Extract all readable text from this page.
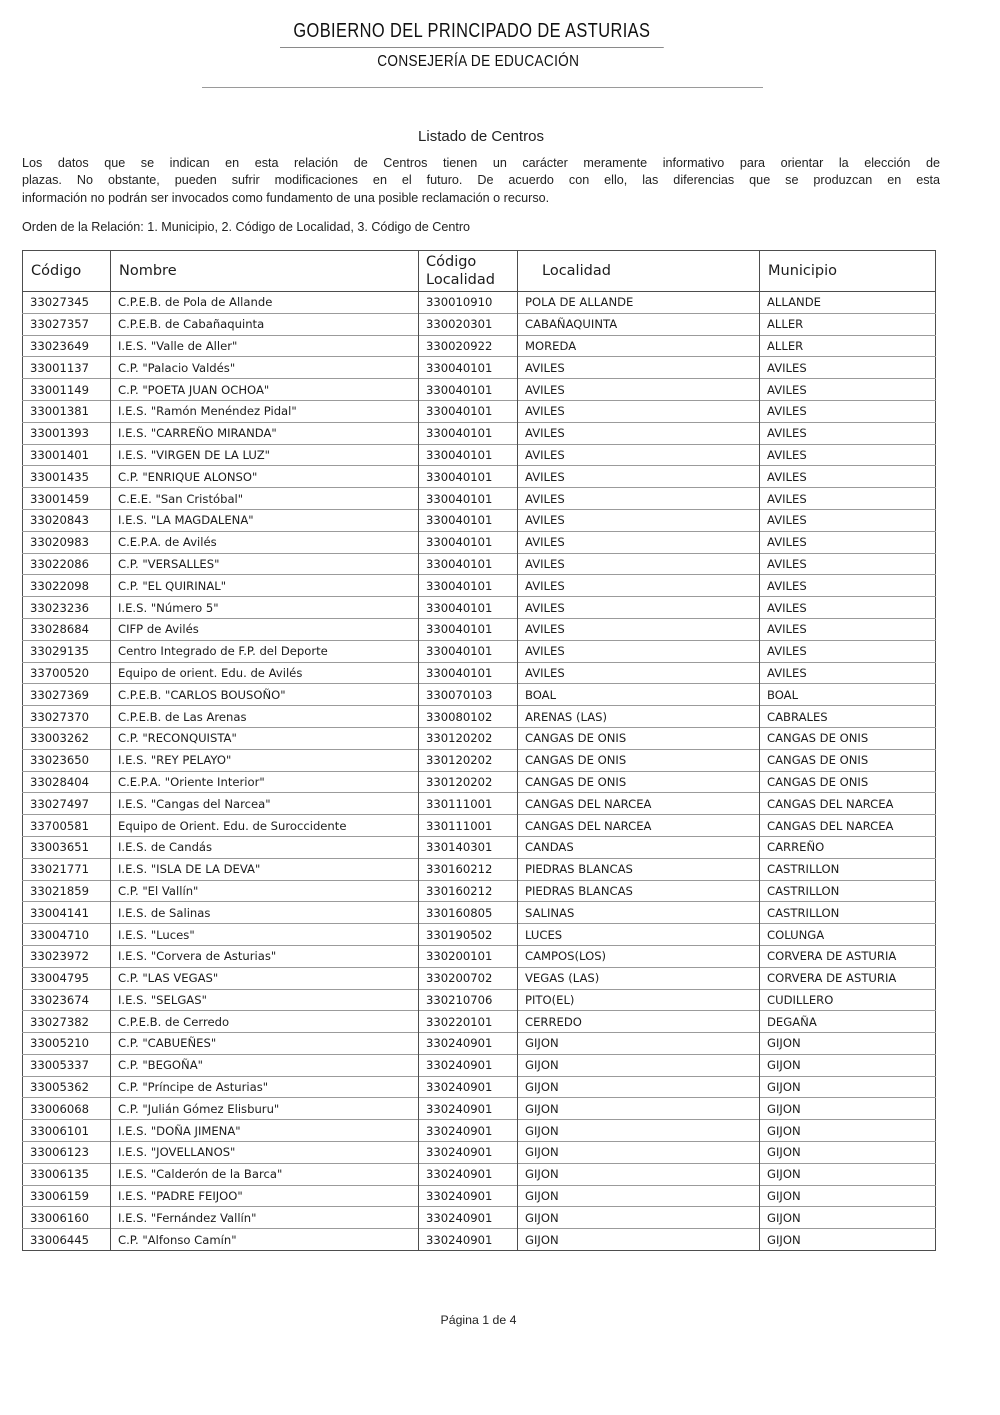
GOBIERNO DEL PRINCIPADO DE ASTURIAS
CONSEJERÍA DE EDUCACIÓN
Listado de Centros
Los datos que se indican en esta relación de Centros tienen un carácter meramente informativo para orientar la elección de
plazas. No obstante, pueden sufrir modificaciones en el futuro. De acuerdo con ello, las diferencias que se produzcan en esta
información no podrán ser invocados como fundamento de una posible reclamación o recurso.
Orden de la Relación: 1. Municipio, 2. Código de Localidad, 3. Código de Centro
Código	Nombre	Código Localidad	Localidad	Municipio
33027345	C.P.E.B. de Pola de Allande	330010910	POLA DE ALLANDE	ALLANDE
33027357	C.P.E.B. de Cabañaquinta	330020301	CABAÑAQUINTA	ALLER
33023649	I.E.S. "Valle de Aller"	330020922	MOREDA	ALLER
33001137	C.P. "Palacio Valdés"	330040101	AVILES	AVILES
33001149	C.P. "POETA JUAN OCHOA"	330040101	AVILES	AVILES
33001381	I.E.S. "Ramón Menéndez Pidal"	330040101	AVILES	AVILES
33001393	I.E.S. "CARREÑO MIRANDA"	330040101	AVILES	AVILES
33001401	I.E.S. "VIRGEN DE LA LUZ"	330040101	AVILES	AVILES
33001435	C.P. "ENRIQUE ALONSO"	330040101	AVILES	AVILES
33001459	C.E.E. "San Cristóbal"	330040101	AVILES	AVILES
33020843	I.E.S. "LA MAGDALENA"	330040101	AVILES	AVILES
33020983	C.E.P.A. de Avilés	330040101	AVILES	AVILES
33022086	C.P. "VERSALLES"	330040101	AVILES	AVILES
33022098	C.P. "EL QUIRINAL"	330040101	AVILES	AVILES
33023236	I.E.S. "Número 5"	330040101	AVILES	AVILES
33028684	CIFP de Avilés	330040101	AVILES	AVILES
33029135	Centro Integrado de F.P. del Deporte	330040101	AVILES	AVILES
33700520	Equipo de orient. Edu. de Avilés	330040101	AVILES	AVILES
33027369	C.P.E.B. "CARLOS BOUSOÑO"	330070103	BOAL	BOAL
33027370	C.P.E.B. de Las Arenas	330080102	ARENAS (LAS)	CABRALES
33003262	C.P. "RECONQUISTA"	330120202	CANGAS DE ONIS	CANGAS DE ONIS
33023650	I.E.S. "REY PELAYO"	330120202	CANGAS DE ONIS	CANGAS DE ONIS
33028404	C.E.P.A. "Oriente Interior"	330120202	CANGAS DE ONIS	CANGAS DE ONIS
33027497	I.E.S. "Cangas del Narcea"	330111001	CANGAS DEL NARCEA	CANGAS DEL NARCEA
33700581	Equipo de Orient. Edu. de Suroccidente	330111001	CANGAS DEL NARCEA	CANGAS DEL NARCEA
33003651	I.E.S. de Candás	330140301	CANDAS	CARREÑO
33021771	I.E.S. "ISLA DE LA DEVA"	330160212	PIEDRAS BLANCAS	CASTRILLON
33021859	C.P. "El Vallín"	330160212	PIEDRAS BLANCAS	CASTRILLON
33004141	I.E.S. de Salinas	330160805	SALINAS	CASTRILLON
33004710	I.E.S. "Luces"	330190502	LUCES	COLUNGA
33023972	I.E.S. "Corvera de Asturias"	330200101	CAMPOS(LOS)	CORVERA DE ASTURIA
33004795	C.P. "LAS VEGAS"	330200702	VEGAS (LAS)	CORVERA DE ASTURIA
33023674	I.E.S. "SELGAS"	330210706	PITO(EL)	CUDILLERO
33027382	C.P.E.B. de Cerredo	330220101	CERREDO	DEGAÑA
33005210	C.P. "CABUEÑES"	330240901	GIJON	GIJON
33005337	C.P. "BEGOÑA"	330240901	GIJON	GIJON
33005362	C.P. "Príncipe de Asturias"	330240901	GIJON	GIJON
33006068	C.P. "Julián Gómez Elisburu"	330240901	GIJON	GIJON
33006101	I.E.S. "DOÑA JIMENA"	330240901	GIJON	GIJON
33006123	I.E.S. "JOVELLANOS"	330240901	GIJON	GIJON
33006135	I.E.S. "Calderón de la Barca"	330240901	GIJON	GIJON
33006159	I.E.S. "PADRE FEIJOO"	330240901	GIJON	GIJON
33006160	I.E.S. "Fernández Vallín"	330240901	GIJON	GIJON
33006445	C.P. "Alfonso Camín"	330240901	GIJON	GIJON
Página 1 de 4
